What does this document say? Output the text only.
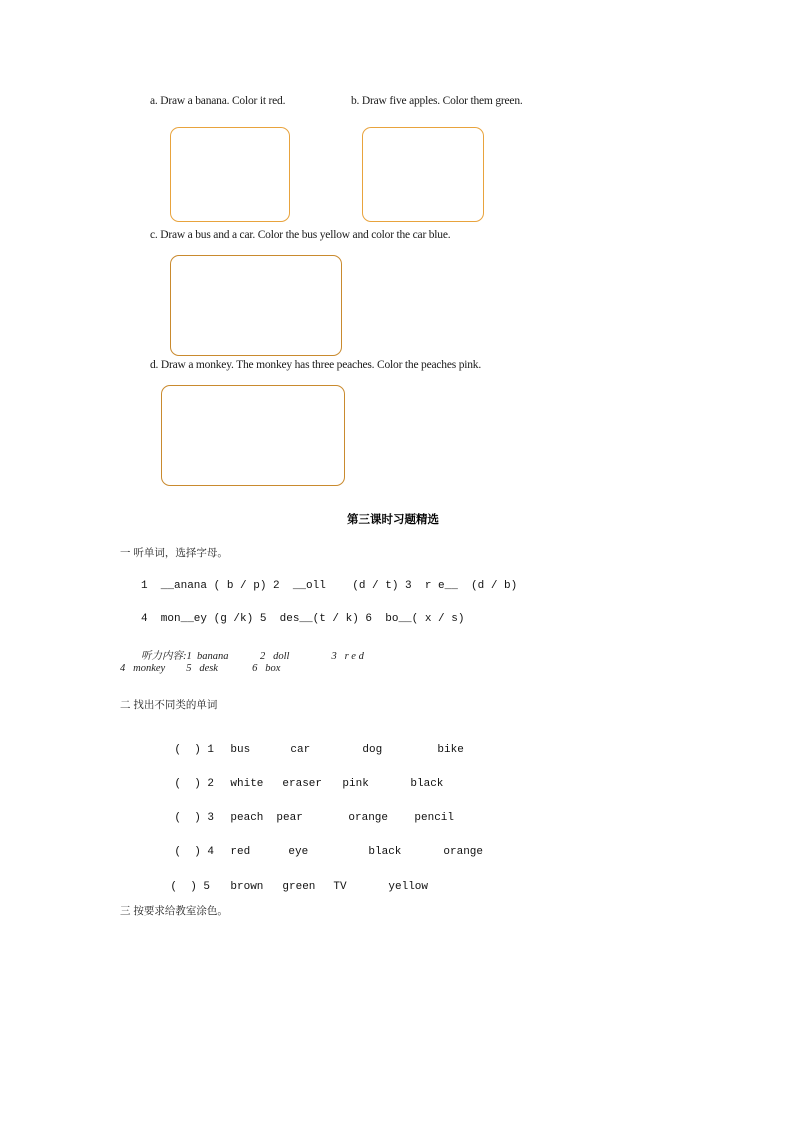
a. Draw a banana. Color it red.	b. Draw five apples. Color them green.
c. Draw a bus and a car. Color the bus yellow and color the car blue.
d. Draw a monkey. The monkey has three peaches. Color the peaches pink.
第三课时习题精选
一 听单词，选择字母。
1  __anana ( b / p) 2  __oll    (d / t) 3  r e__  (d / b)
4  mon__ey (g /k) 5  des__(t / k) 6  bo__( x / s)
听力内容:1  banana            2   doll                3   r e d
4   monkey        5   desk             6   box
二 找出不同类的单词

(  ) 1 bus	car	dog	bike

(  ) 2 white eraser pink	black

(  ) 3 peach pear	orange pencil

(  ) 4 red	eye	black	orange

(  ) 5 brown green TV	yellow

三 按要求给教室涂色。
